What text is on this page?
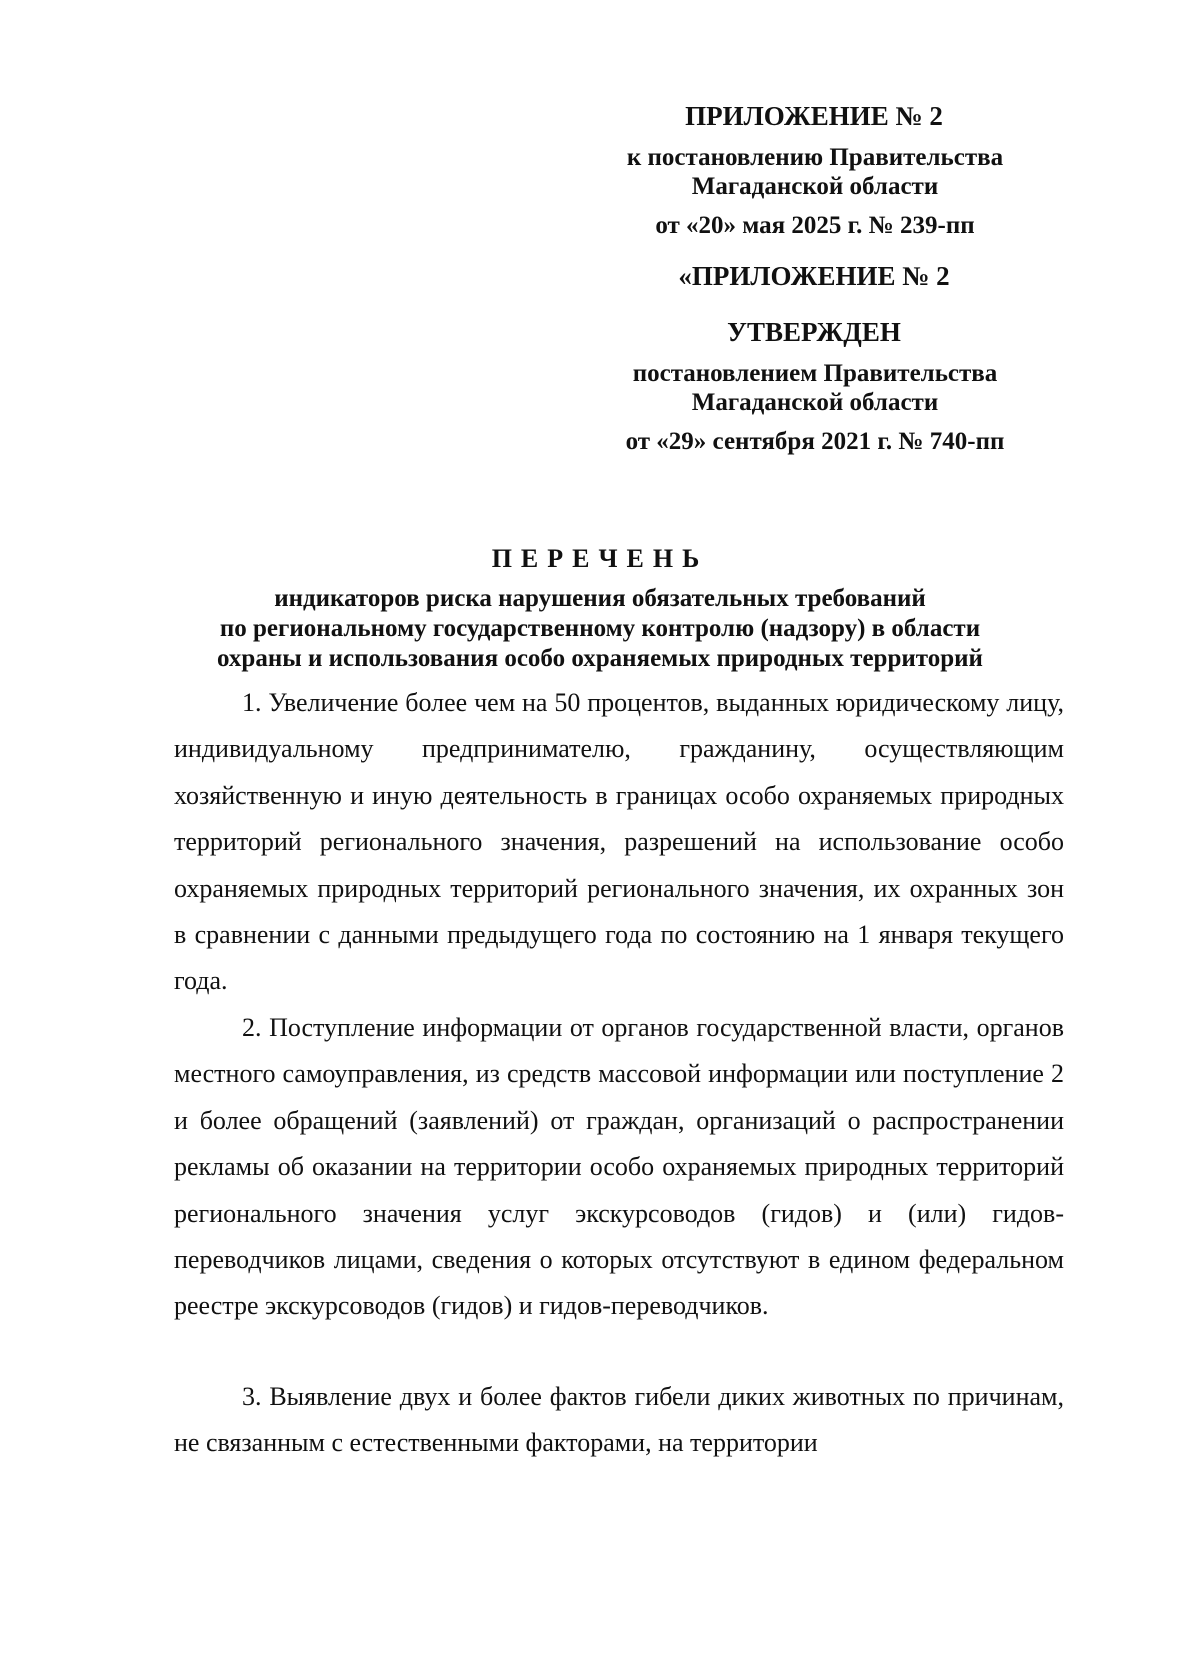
ПРИЛОЖЕНИЕ № 2
к постановлению Правительства
Магаданской области
от «20» мая 2025 г. № 239-пп
«ПРИЛОЖЕНИЕ № 2
УТВЕРЖДЕН
постановлением Правительства
Магаданской области
от «29» сентября 2021 г. № 740-пп
ПЕРЕЧЕНЬ
индикаторов риска нарушения обязательных требований
по региональному государственному контролю (надзору) в области
охраны и использования особо охраняемых природных территорий

1. Увеличение более чем на 50 процентов, выданных юридическому лицу, индивидуальному предпринимателю, гражданину, осуществляющим хозяйственную и иную деятельность в границах особо охраняемых природных территорий регионального значения, разрешений на использование особо охраняемых природных территорий регионального значения, их охранных зон в сравнении с данными предыдущего года по состоянию на 1 января текущего года.

2. Поступление информации от органов государственной власти, органов местного самоуправления, из средств массовой информации или поступление 2 и более обращений (заявлений) от граждан, организаций о распространении рекламы об оказании на территории особо охраняемых природных территорий регионального значения услуг экскурсоводов (гидов) и (или) гидов-переводчиков лицами, сведения о которых отсутствуют в едином федеральном реестре экскурсоводов (гидов) и гидов-переводчиков.

3. Выявление двух и более фактов гибели диких животных по причинам, не связанным с естественными факторами, на территории
